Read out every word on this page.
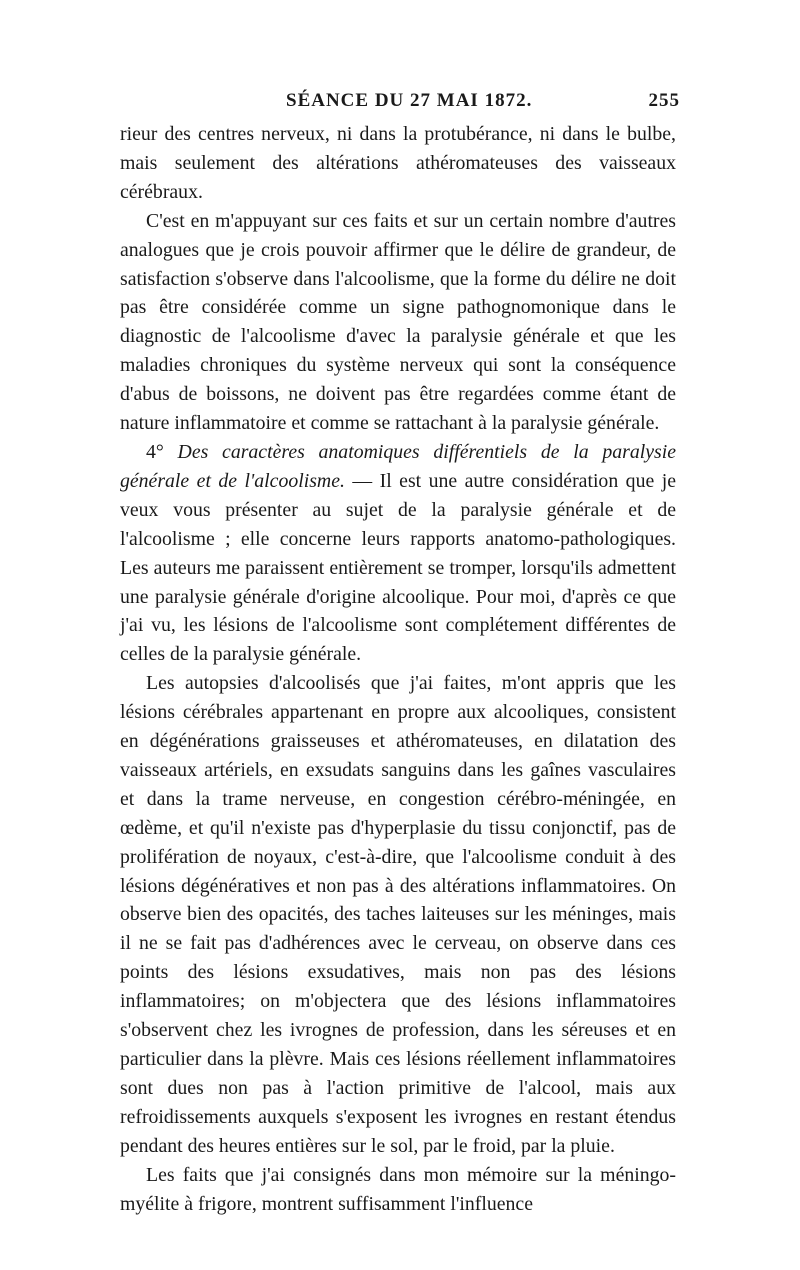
SÉANCE DU 27 MAI 1872.	255

rieur des centres nerveux, ni dans la protubérance, ni dans le bulbe, mais seulement des altérations athéromateuses des vaisseaux cérébraux.

C'est en m'appuyant sur ces faits et sur un certain nombre d'autres analogues que je crois pouvoir affirmer que le délire de grandeur, de satisfaction s'observe dans l'alcoolisme, que la forme du délire ne doit pas être considérée comme un signe pathognomonique dans le diagnostic de l'alcoolisme d'avec la paralysie générale et que les maladies chroniques du système nerveux qui sont la conséquence d'abus de boissons, ne doivent pas être regardées comme étant de nature inflammatoire et comme se rattachant à la paralysie générale.

4° Des caractères anatomiques différentiels de la paralysie générale et de l'alcoolisme. — Il est une autre considération que je veux vous présenter au sujet de la paralysie générale et de l'alcoolisme ; elle concerne leurs rapports anatomo-pathologiques. Les auteurs me paraissent entièrement se tromper, lorsqu'ils admettent une paralysie générale d'origine alcoolique. Pour moi, d'après ce que j'ai vu, les lésions de l'alcoolisme sont complétement différentes de celles de la paralysie générale.

Les autopsies d'alcoolisés que j'ai faites, m'ont appris que les lésions cérébrales appartenant en propre aux alcooliques, consistent en dégénérations graisseuses et athéromateuses, en dilatation des vaisseaux artériels, en exsudats sanguins dans les gaînes vasculaires et dans la trame nerveuse, en congestion cérébro-méningée, en œdème, et qu'il n'existe pas d'hyperplasie du tissu conjonctif, pas de prolifération de noyaux, c'est-à-dire, que l'alcoolisme conduit à des lésions dégénératives et non pas à des altérations inflammatoires. On observe bien des opacités, des taches laiteuses sur les méninges, mais il ne se fait pas d'adhérences avec le cerveau, on observe dans ces points des lésions exsudatives, mais non pas des lésions inflammatoires; on m'objectera que des lésions inflammatoires s'observent chez les ivrognes de profession, dans les séreuses et en particulier dans la plèvre. Mais ces lésions réellement inflammatoires sont dues non pas à l'action primitive de l'alcool, mais aux refroidissements auxquels s'exposent les ivrognes en restant étendus pendant des heures entières sur le sol, par le froid, par la pluie.

Les faits que j'ai consignés dans mon mémoire sur la méningo-myélite à frigore, montrent suffisamment l'influence
